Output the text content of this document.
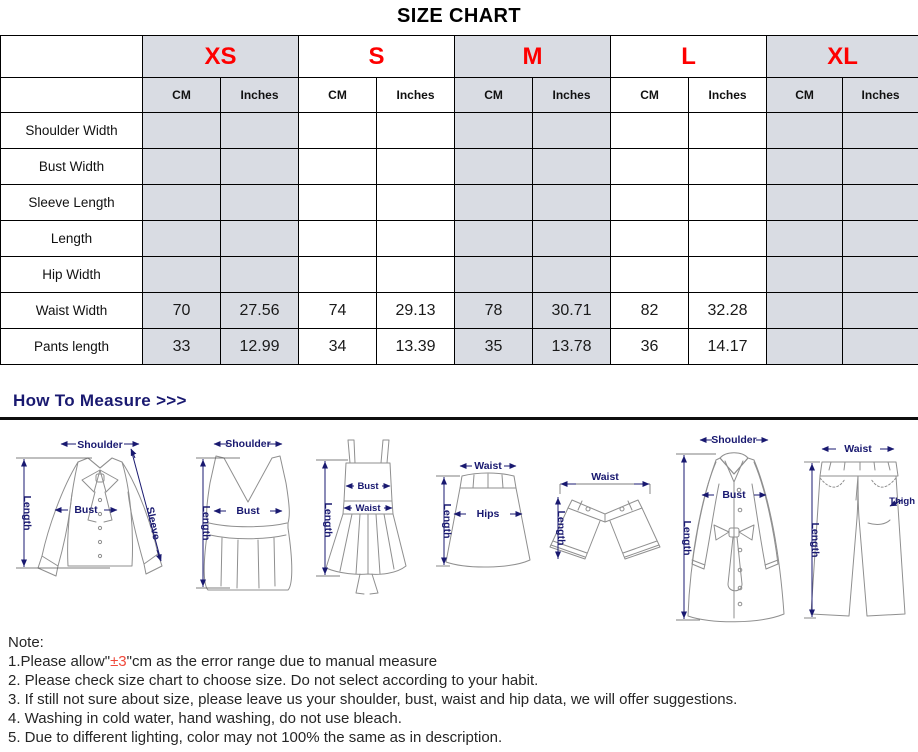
SIZE CHART
	XS		S		M		L		XL	
	CM	Inches	CM	Inches	CM	Inches	CM	Inches	CM	Inches
Shoulder Width										
Bust Width										
Sleeve Length										
Length										
Hip Width										
Waist Width	70	27.56	74	29.13	78	30.71	82	32.28		
Pants length	33	12.99	34	13.39	35	13.78	36	14.17		
How To Measure >>>
Shoulder
Length	Bust	Sleeve
Shoulder
Length Bust	Length
Bust
Waist
Waist
Length Hips
Waist
Length
Shoulder
Length
Bust
Waist
Length
Thigh
Note:
1.Please allow"±3"cm as the error range due to manual measure
2. Please check size chart to choose size. Do not select according to your habit.
3. If still not sure about size, please leave us your shoulder, bust, waist and hip data, we will offer suggestions.
4. Washing in cold water, hand washing, do not use bleach.
5. Due to different lighting, color may not 100% the same as in description.
